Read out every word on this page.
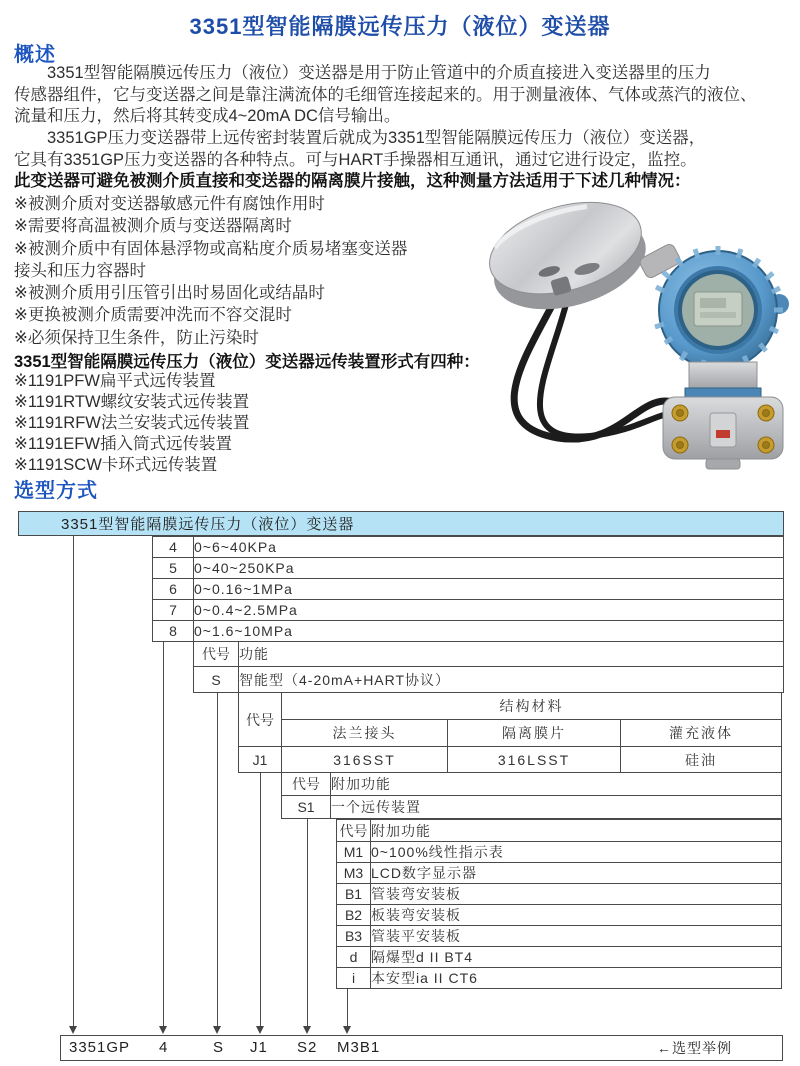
3351型智能隔膜远传压力（液位）变送器
概述
　　3351型智能隔膜远传压力（液位）变送器是用于防止管道中的介质直接进入变送器里的压力
传感器组件，它与变送器之间是靠注满流体的毛细管连接起来的。用于测量液体、气体或蒸汽的液位、
流量和压力，然后将其转变成4~20mA DC信号输出。
　　3351GP压力变送器带上远传密封装置后就成为3351型智能隔膜远传压力（液位）变送器，
它具有3351GP压力变送器的各种特点。可与HART手操器相互通讯，通过它进行设定，监控。
此变送器可避免被测介质直接和变送器的隔离膜片接触，这种测量方法适用于下述几种情况：
※被测介质对变送器敏感元件有腐蚀作用时
※需要将高温被测介质与变送器隔离时
※被测介质中有固体悬浮物或高粘度介质易堵塞变送器
接头和压力容器时
※被测介质用引压管引出时易固化或结晶时
※更换被测介质需要冲洗而不容交混时
※必须保持卫生条件，防止污染时
3351型智能隔膜远传压力（液位）变送器远传装置形式有四种：
※1191PFW扁平式远传装置
※1191RTW螺纹安装式远传装置
※1191RFW法兰安装式远传装置
※1191EFW插入筒式远传装置
※1191SCW卡环式远传装置
选型方式
3351型智能隔膜远传压力（液位）变送器
4	0~6~40KPa
5	0~40~250KPa
6	0~0.16~1MPa
7	0~0.4~2.5MPa
8	0~1.6~10MPa
代号	功能
S	智能型（4-20mA+HART协议）
代号	结构材料		
	法兰接头	隔离膜片	灌充液体
J1	316SST	316LSST	硅油
代号	附加功能
S1	一个远传装置
代号	附加功能
M1	0~100%线性指示表
M3	LCD数字显示器
B1	管装弯安装板
B2	板装弯安装板
B3	管装平安装板
d	隔爆型d II BT4
i	本安型ia II CT6
3351GP 4	S J1 S2 M3B1	←选型举例
